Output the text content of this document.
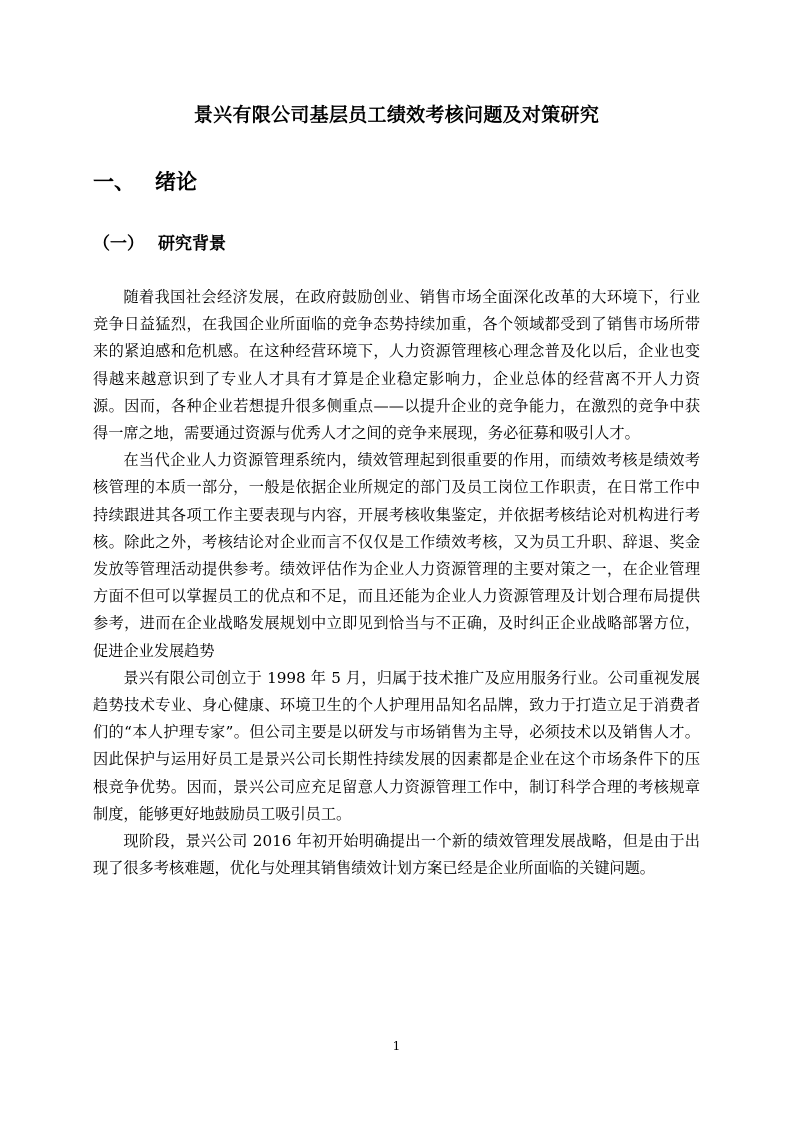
景兴有限公司基层员工绩效考核问题及对策研究
一、 绪论
（一） 研究背景

随着我国社会经济发展，在政府鼓励创业、销售市场全面深化改革的大环境下，行业竞争日益猛烈，在我国企业所面临的竞争态势持续加重，各个领域都受到了销售市场所带来的紧迫感和危机感。在这种经营环境下，人力资源管理核心理念普及化以后，企业也变得越来越意识到了专业人才具有才算是企业稳定影响力，企业总体的经营离不开人力资源。因而，各种企业若想提升很多侧重点——以提升企业的竞争能力，在激烈的竞争中获得一席之地，需要通过资源与优秀人才之间的竞争来展现，务必征募和吸引人才。

在当代企业人力资源管理系统内，绩效管理起到很重要的作用，而绩效考核是绩效考核管理的本质一部分，一般是依据企业所规定的部门及员工岗位工作职责，在日常工作中持续跟进其各项工作主要表现与内容，开展考核收集鉴定，并依据考核结论对机构进行考核。除此之外，考核结论对企业而言不仅仅是工作绩效考核，又为员工升职、辞退、奖金发放等管理活动提供参考。绩效评估作为企业人力资源管理的主要对策之一，在企业管理方面不但可以掌握员工的优点和不足，而且还能为企业人力资源管理及计划合理布局提供参考，进而在企业战略发展规划中立即见到恰当与不正确，及时纠正企业战略部署方位，促进企业发展趋势

景兴有限公司创立于 1998 年 5 月，归属于技术推广及应用服务行业。公司重视发展趋势技术专业、身心健康、环境卫生的个人护理用品知名品牌，致力于打造立足于消费者们的“本人护理专家”。但公司主要是以研发与市场销售为主导，必须技术以及销售人才。因此保护与运用好员工是景兴公司长期性持续发展的因素都是企业在这个市场条件下的压根竞争优势。因而，景兴公司应充足留意人力资源管理工作中，制订科学合理的考核规章制度，能够更好地鼓励员工吸引员工。

现阶段，景兴公司 2016 年初开始明确提出一个新的绩效管理发展战略，但是由于出现了很多考核难题，优化与处理其销售绩效计划方案已经是企业所面临的关键问题。

1
